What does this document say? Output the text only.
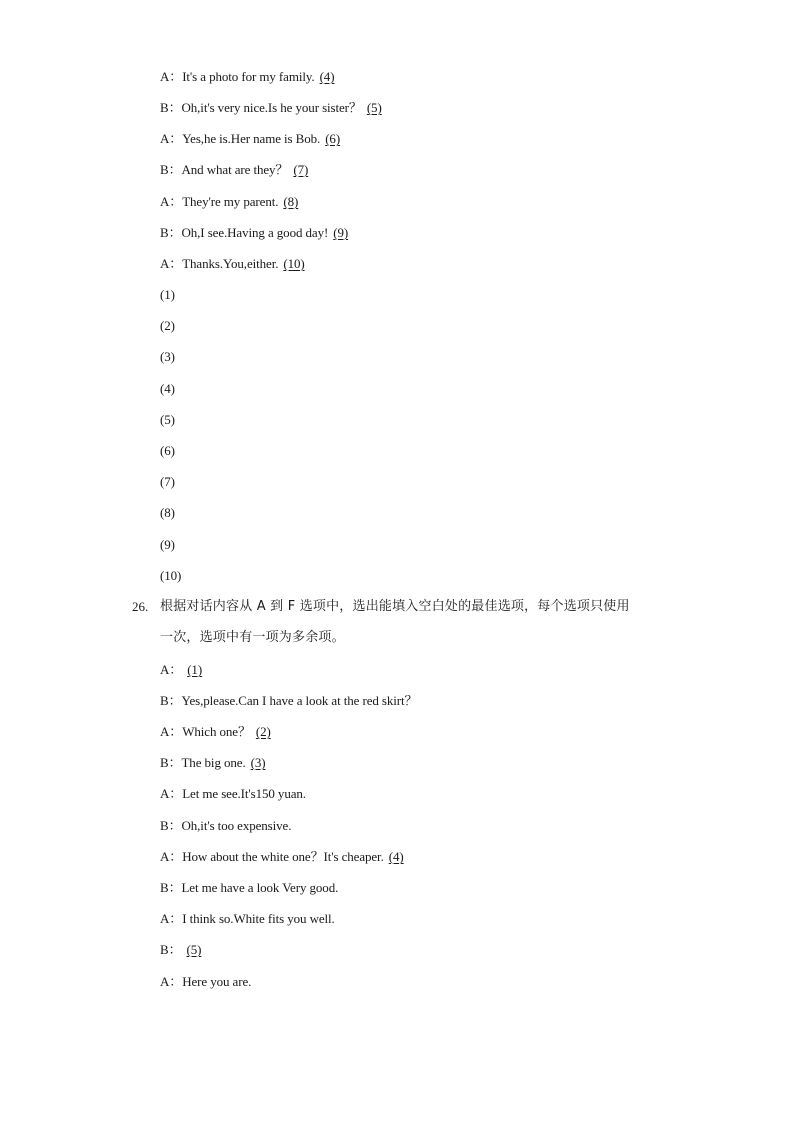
A：It's a photo for my family. (4)
B：Oh,it's very nice.Is he your sister？ (5)
A：Yes,he is.Her name is Bob. (6)
B：And what are they？ (7)
A：They're my parent. (8)
B：Oh,I see.Having a good day! (9)
A：Thanks.You,either. (10)
(1)
(2)
(3)
(4)
(5)
(6)
(7)
(8)
(9)
(10)
26. 根据对话内容从 A 到 F 选项中，选出能填入空白处的最佳选项，每个选项只使用
一次，选项中有一项为多余项。
A： (1)
B：Yes,please.Can I have a look at the red skirt？
A：Which one？ (2)
B：The big one. (3)
A：Let me see.It's150 yuan.
B：Oh,it's too expensive.
A：How about the white one？It's cheaper. (4)
B：Let me have a look Very good.
A：I think so.White fits you well.
B： (5)
A：Here you are.
